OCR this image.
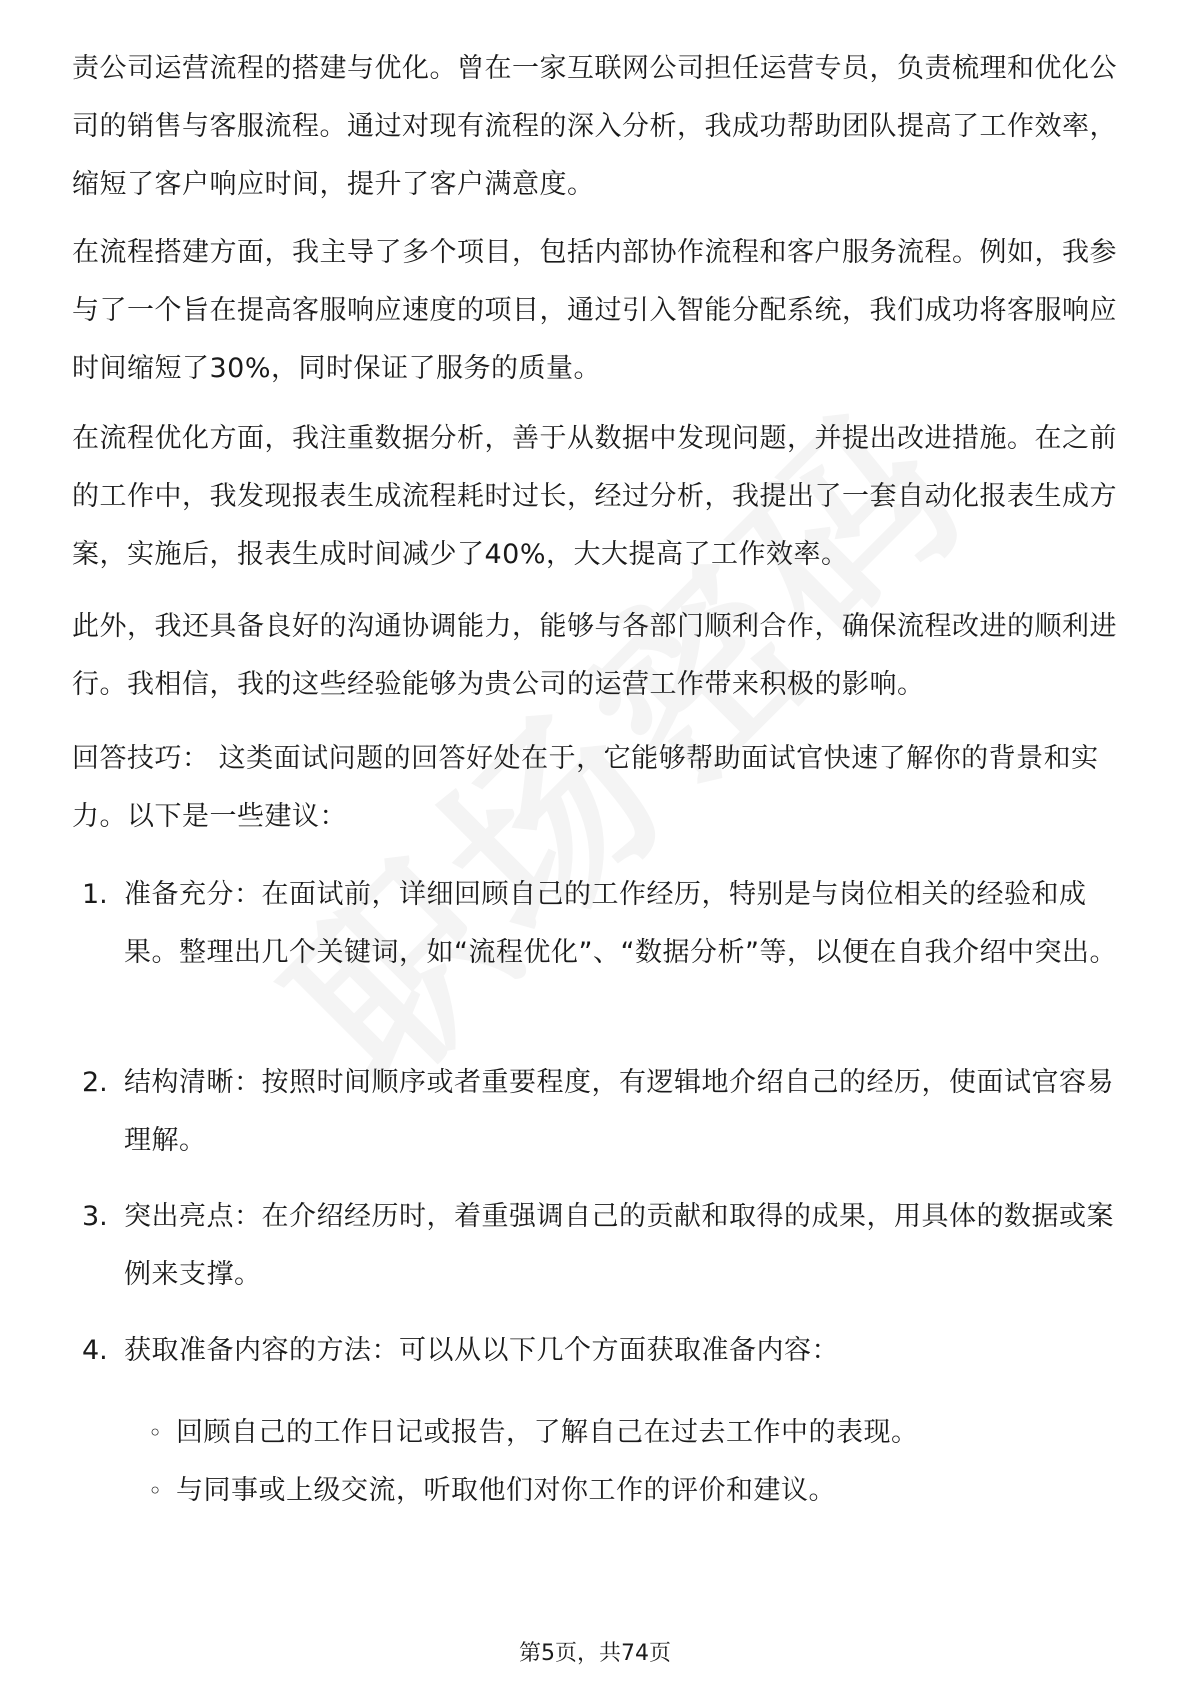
责公司运营流程的搭建与优化。曾在一家互联网公司担任运营专员，负责梳理和优化公司的销售与客服流程。通过对现有流程的深入分析，我成功帮助团队提高了工作效率，缩短了客户响应时间，提升了客户满意度。

在流程搭建方面，我主导了多个项目，包括内部协作流程和客户服务流程。例如，我参与了一个旨在提高客服响应速度的项目，通过引入智能分配系统，我们成功将客服响应时间缩短了30%，同时保证了服务的质量。

在流程优化方面，我注重数据分析，善于从数据中发现问题，并提出改进措施。在之前的工作中，我发现报表生成流程耗时过长，经过分析，我提出了一套自动化报表生成方案，实施后，报表生成时间减少了40%，大大提高了工作效率。

此外，我还具备良好的沟通协调能力，能够与各部门顺利合作，确保流程改进的顺利进行。我相信，我的这些经验能够为贵公司的运营工作带来积极的影响。

回答技巧： 这类面试问题的回答好处在于，它能够帮助面试官快速了解你的背景和实力。以下是一些建议：

1. 准备充分：在面试前，详细回顾自己的工作经历，特别是与岗位相关的经验和成果。整理出几个关键词，如“流程优化”、“数据分析”等，以便在自我介绍中突出。
2. 结构清晰：按照时间顺序或者重要程度，有逻辑地介绍自己的经历，使面试官容易理解。
3. 突出亮点：在介绍经历时，着重强调自己的贡献和取得的成果，用具体的数据或案例来支撑。
4. 获取准备内容的方法：可以从以下几个方面获取准备内容：
◦ 回顾自己的工作日记或报告，了解自己在过去工作中的表现。
◦ 与同事或上级交流，听取他们对你工作的评价和建议。
第5页，共74页
